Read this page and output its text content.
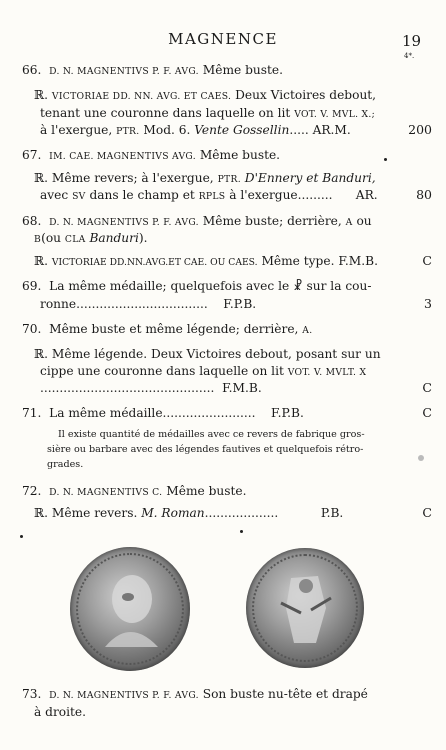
MAGNENCE	19
4*.
66. D. N. MAGNENTIVS P. F. AVG. Même buste.
ℝ. VICTORIAE DD. NN. AVG. ET CAES. Deux Victoires debout,
tenant une couronne dans laquelle on lit VOT. V. MVL. X.;
à l'exergue, PTR. Mod. 6. Vente Gossellin..... AR.M.	200
67. IM. CAE. MAGNENTIVS AVG. Même buste.
ℝ. Même revers; à l'exergue, PTR. D'Ennery et Banduri,
avec SV dans le champ et RPLS à l'exergue......... AR.	80
68. D. N. MAGNENTIVS P. F. AVG. Même buste; derrière, A ou
B(ou CLA Banduri).
ℝ. VICTORIAE DD.NN.AVG.ET CAE. OU CAES. Même type. F.M.B.	C
69. La même médaille; quelquefois avec le ☧ sur la cou-
ronne.................................. F.P.B.	3
70. Même buste et même légende; derrière, A.
ℝ. Même légende. Deux Victoires debout, posant sur un
cippe une couronne dans laquelle on lit VOT. V. MVLT. X
............................................. F.M.B.	C
71. La même médaille........................ F.P.B.	C
Il existe quantité de médailles avec ce revers de fabrique gros-
sière ou barbare avec des légendes fautives et quelquefois rétro-
grades.
72. D. N. MAGNENTIVS C. Même buste.
ℝ. Même revers. M. Roman...................	P.B.	C
73. D. N. MAGNENTIVS P. F. AVG. Son buste nu-tête et drapé
à droite.
